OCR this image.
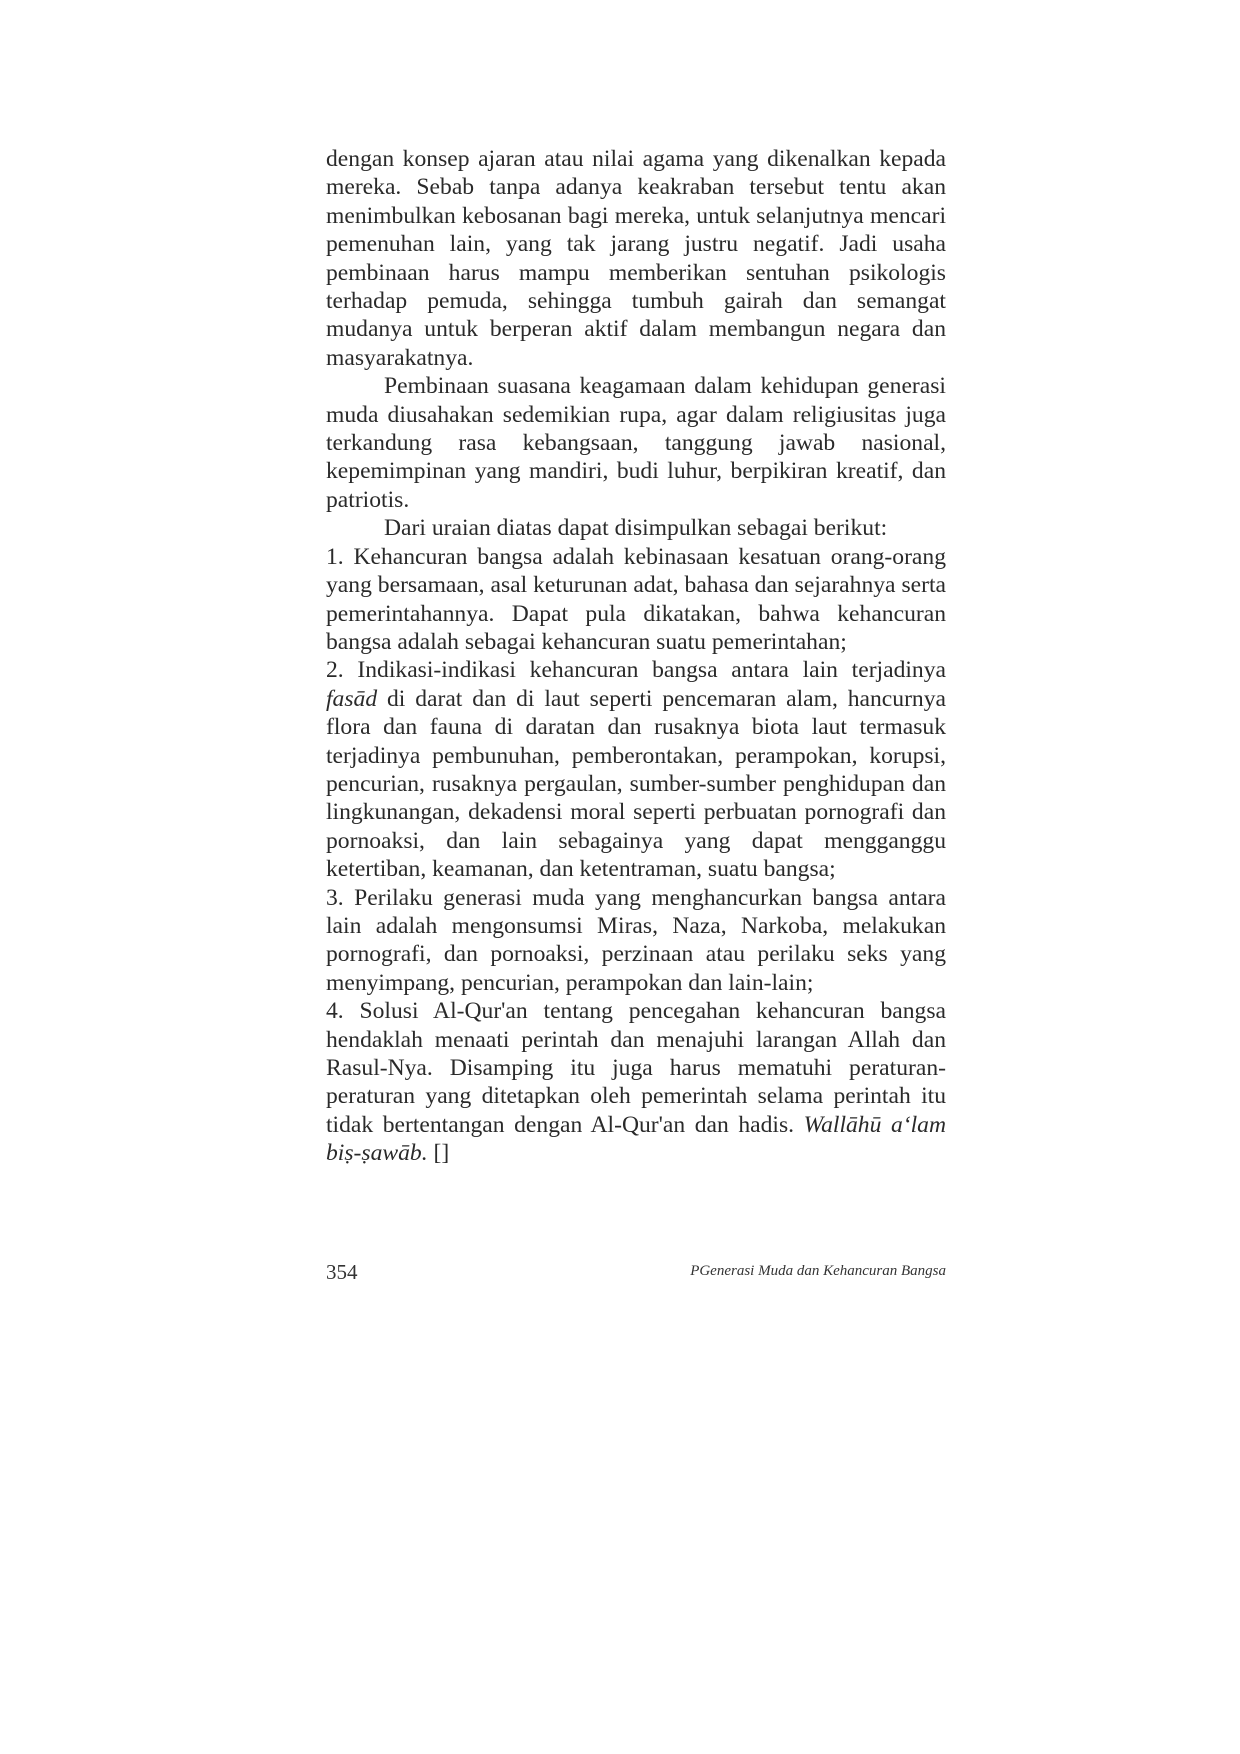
dengan konsep ajaran atau nilai agama yang dikenalkan kepada mereka. Sebab tanpa adanya keakraban tersebut tentu akan menimbulkan kebosanan bagi mereka, untuk selanjutnya mencari pemenuhan lain, yang tak jarang justru negatif. Jadi usaha pembinaan harus mampu memberikan sentuhan psikologis terhadap pemuda, sehingga tumbuh gairah dan semangat mudanya untuk berperan aktif dalam membangun negara dan masyarakatnya.

Pembinaan suasana keagamaan dalam kehidupan generasi muda diusahakan sedemikian rupa, agar dalam religiusitas juga terkandung rasa kebangsaan, tanggung jawab nasional, kepemimpinan yang mandiri, budi luhur, berpikiran kreatif, dan patriotis.

Dari uraian diatas dapat disimpulkan sebagai berikut:

1. Kehancuran bangsa adalah kebinasaan kesatuan orang-orang yang bersamaan, asal keturunan adat, bahasa dan sejarahnya serta pemerintahannya. Dapat pula dikatakan, bahwa kehancuran bangsa adalah sebagai kehancuran suatu pemerintahan;
2. Indikasi-indikasi kehancuran bangsa antara lain terjadinya fasād di darat dan di laut seperti pencemaran alam, hancurnya flora dan fauna di daratan dan rusaknya biota laut termasuk terjadinya pembunuhan, pemberontakan, perampokan, korupsi, pencurian, rusaknya pergaulan, sumber-sumber penghidupan dan lingkunangan, dekadensi moral seperti perbuatan pornografi dan pornoaksi, dan lain sebagainya yang dapat mengganggu ketertiban, keamanan, dan ketentraman, suatu bangsa;
3. Perilaku generasi muda yang menghancurkan bangsa antara lain adalah mengonsumsi Miras, Naza, Narkoba, melakukan pornografi, dan pornoaksi, perzinaan atau perilaku seks yang menyimpang, pencurian, perampokan dan lain-lain;
4. Solusi Al-Qur'an tentang pencegahan kehancuran bangsa hendaklah menaati perintah dan menajuhi larangan Allah dan Rasul-Nya. Disamping itu juga harus mematuhi peraturan-peraturan yang ditetapkan oleh pemerintah selama perintah itu tidak bertentangan dengan Al-Qur'an dan hadis. Wallāhū a‘lam biṣ-ṣawāb. []
354	PGenerasi Muda dan Kehancuran Bangsa
